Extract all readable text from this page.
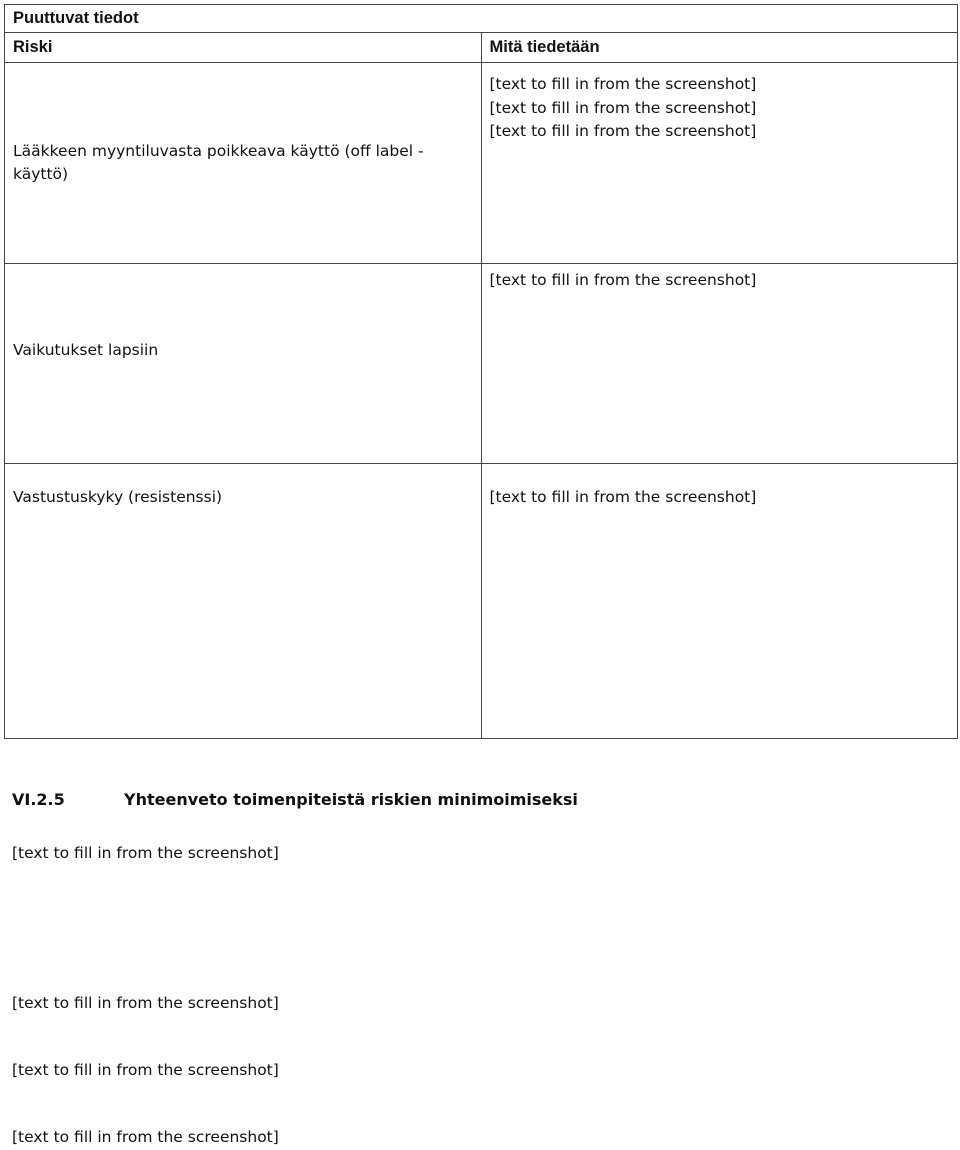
Puuttuvat tiedot	
Riski	Mitä tiedetään

Lääkkeen myyntiluvasta poikkeava käyttö (off label -käyttö)	[text to fill in from the screenshot]

[text to fill in from the screenshot]

[text to fill in from the screenshot]

Vaikutukset lapsiin	[text to fill in from the screenshot]

Vastustuskyky (resistenssi)	[text to fill in from the screenshot]

VI.2.5	Yhteenveto toimenpiteistä riskien minimoimiseksi
[text to fill in from the screenshot]
[text to fill in from the screenshot]
[text to fill in from the screenshot]
[text to fill in from the screenshot]
